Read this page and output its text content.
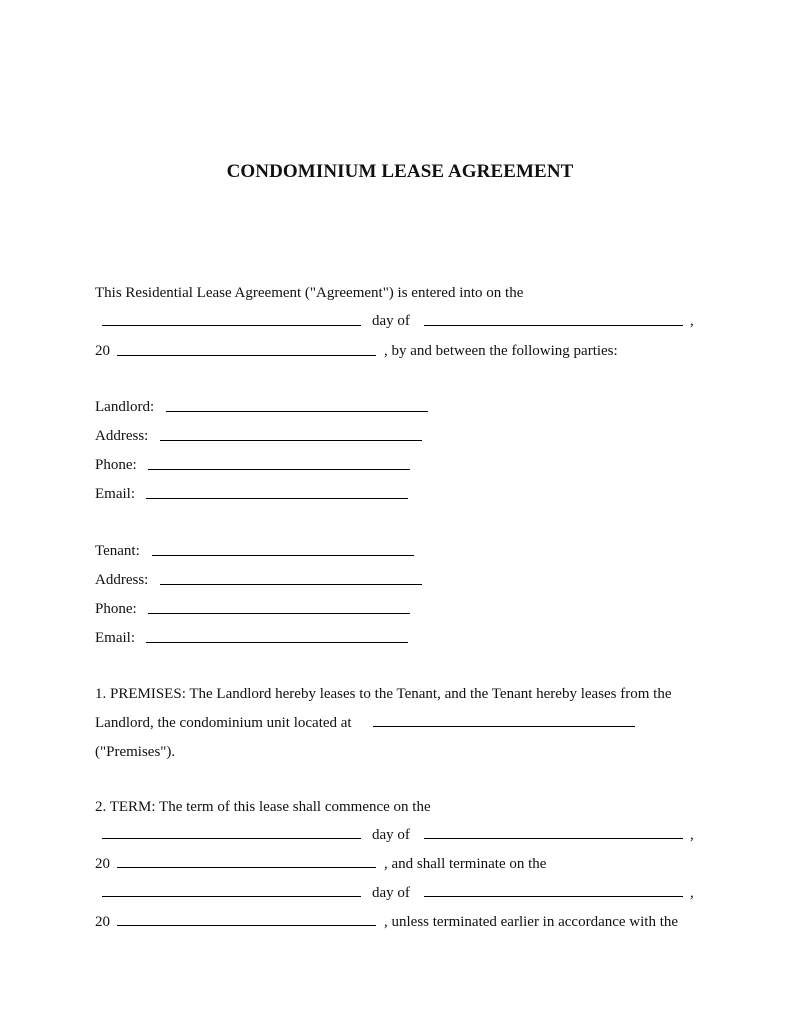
CONDOMINIUM LEASE AGREEMENT
This Residential Lease Agreement ("Agreement") is entered into on the
day of	,
20	, by and between the following parties:
Landlord:
Address:
Phone:
Email:
Tenant:
Address:
Phone:
Email:
1. PREMISES: The Landlord hereby leases to the Tenant, and the Tenant hereby leases from the
Landlord, the condominium unit located at
("Premises").
2. TERM: The term of this lease shall commence on the
day of	,
20	, and shall terminate on the
day of	,
20	, unless terminated earlier in accordance with the
